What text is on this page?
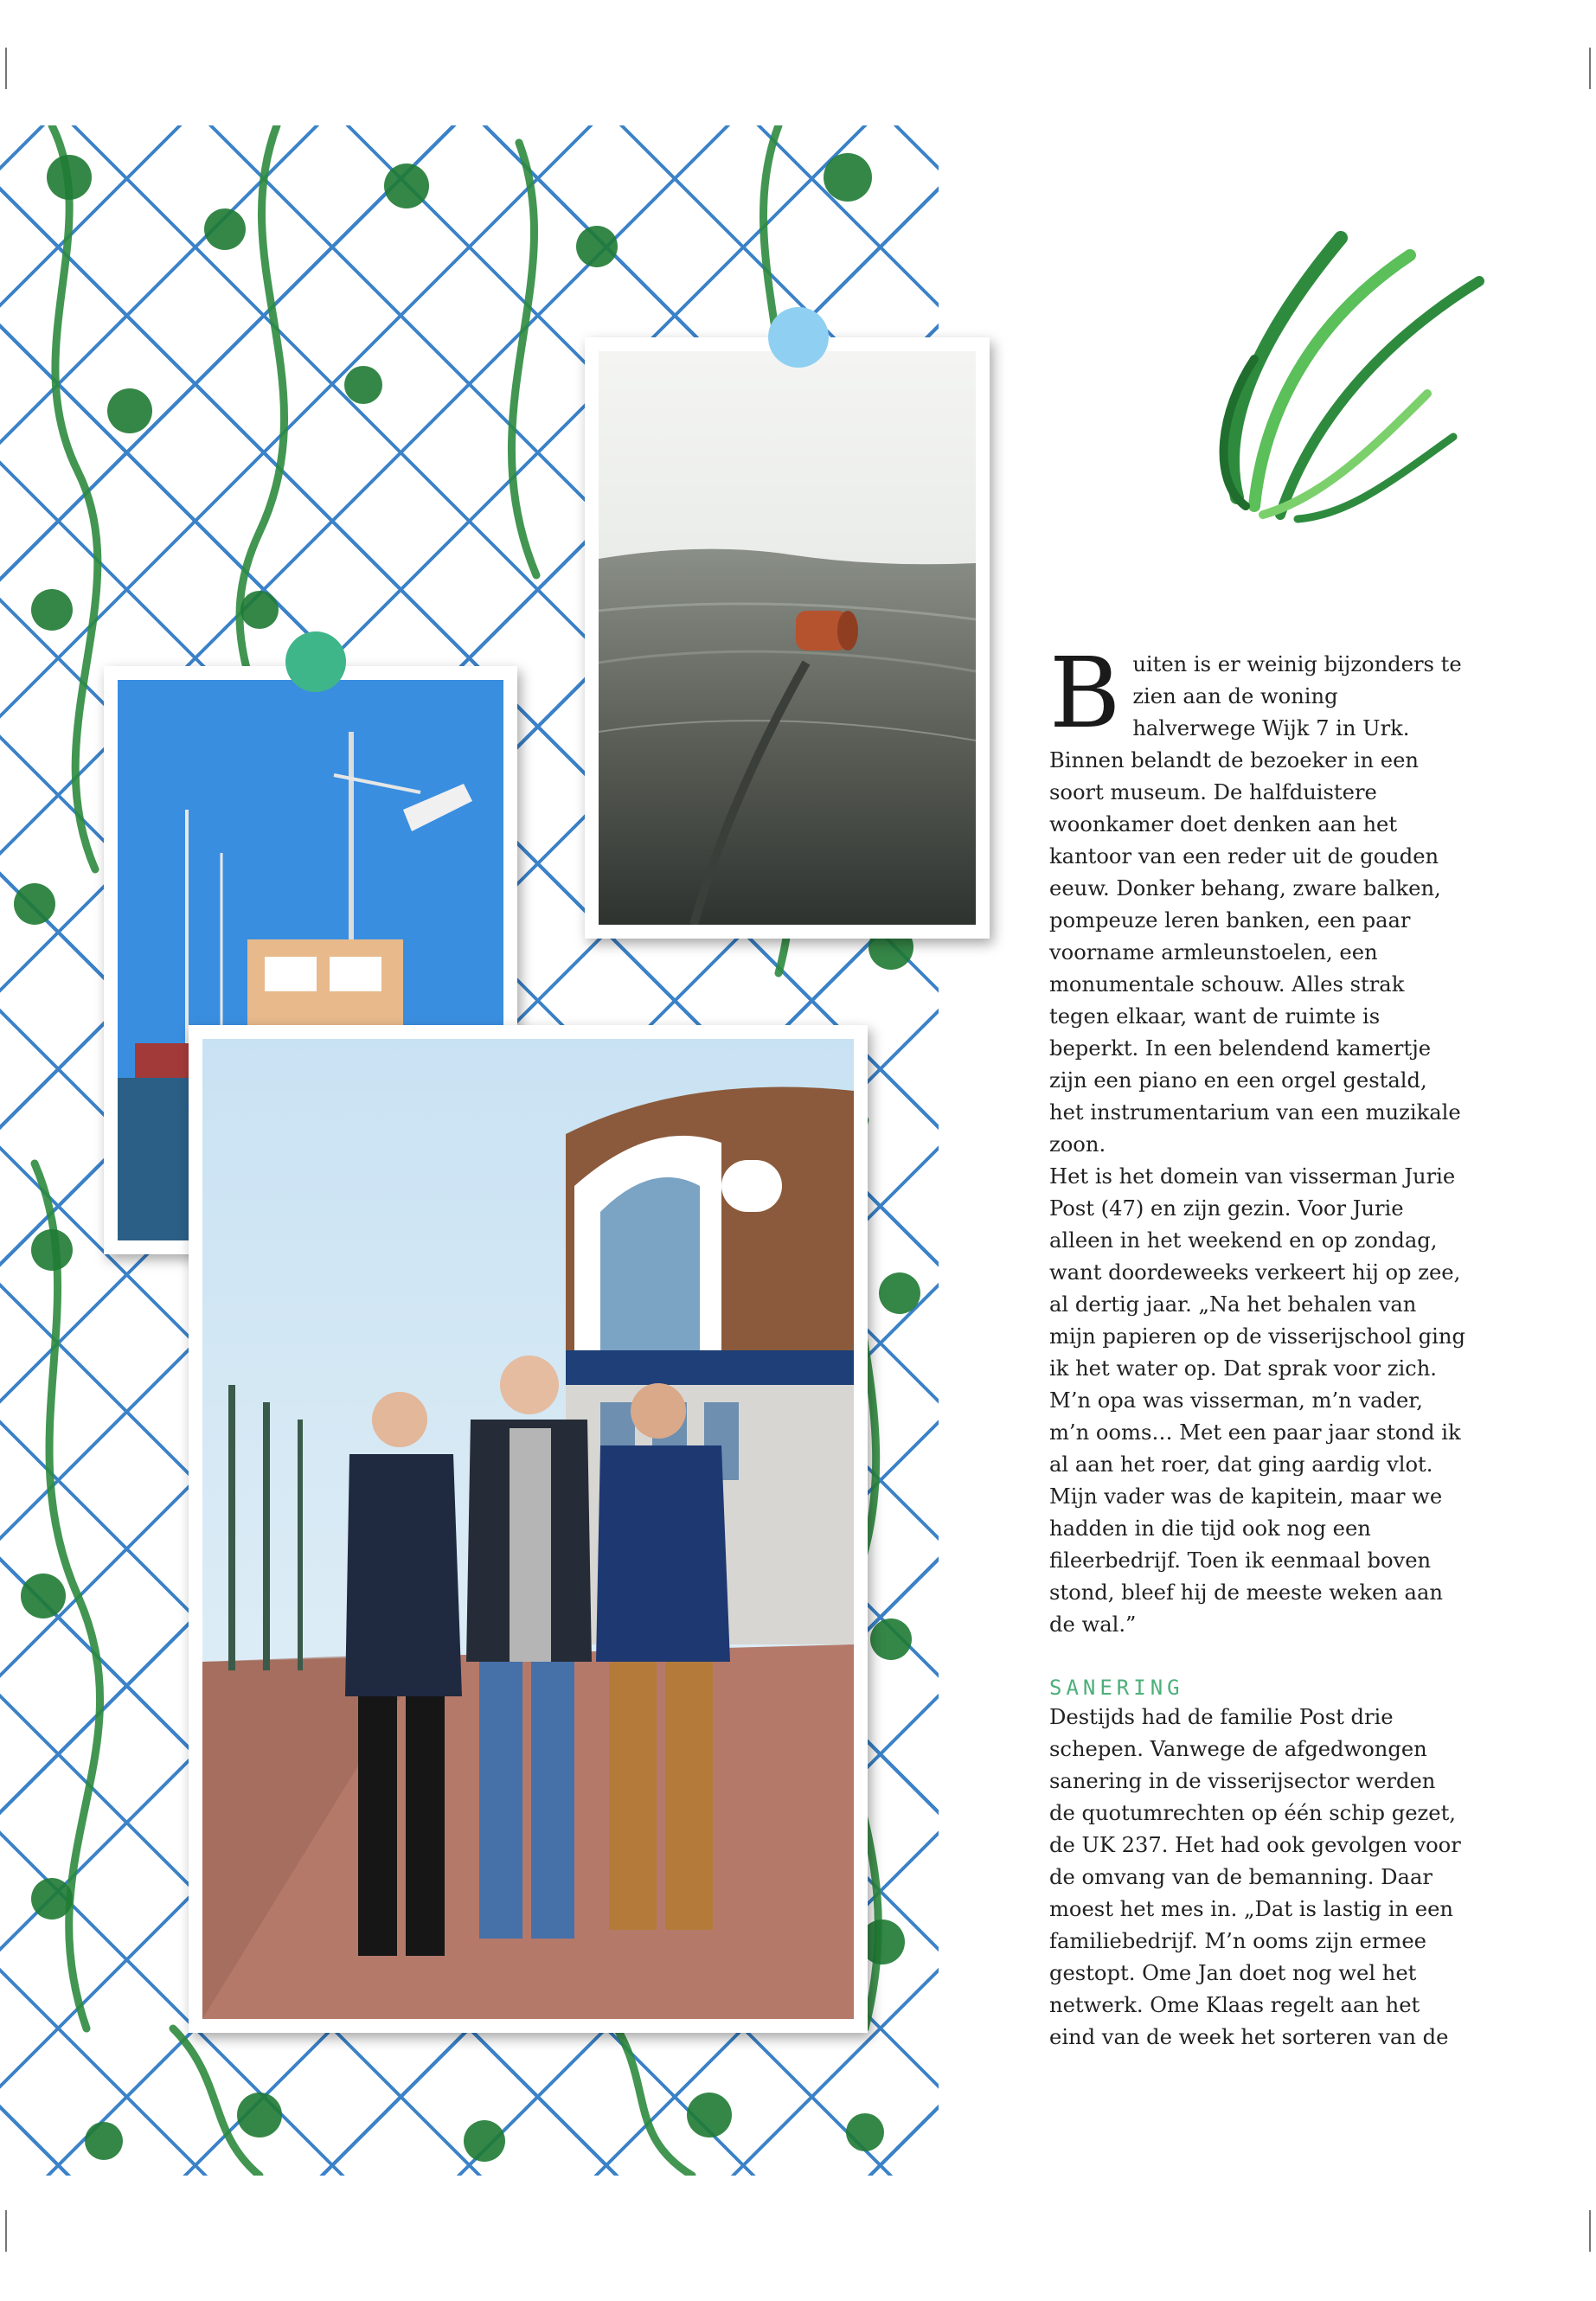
B uiten is er weinig bijzonders te zien aan de woning halverwege Wijk 7 in Urk. Binnen belandt de bezoeker in een soort museum. De halfduistere woonkamer doet denken aan het kantoor van een reder uit de gouden eeuw. Donker behang, zware balken, pompeuze leren banken, een paar voorname armleunstoelen, een monumentale schouw. Alles strak tegen elkaar, want de ruimte is beperkt. In een belendend kamertje zijn een piano en een orgel gestald, het instrumentarium van een muzikale zoon.

Het is het domein van visserman Jurie Post (47) en zijn gezin. Voor Jurie alleen in het weekend en op zondag, want doordeweeks verkeert hij op zee, al dertig jaar. „Na het behalen van mijn papieren op de visserijschool ging ik het water op. Dat sprak voor zich. M’n opa was visserman, m’n vader, m’n ooms… Met een paar jaar stond ik al aan het roer, dat ging aardig vlot. Mijn vader was de kapitein, maar we hadden in die tijd ook nog een fileerbedrijf. Toen ik eenmaal boven stond, bleef hij de meeste weken aan de wal.”

SANERING

Destijds had de familie Post drie schepen. Vanwege de afgedwongen sanering in de visserijsector werden de quotumrechten op één schip gezet, de UK 237. Het had ook gevolgen voor de omvang van de bemanning. Daar moest het mes in. „Dat is lastig in een familiebedrijf. M’n ooms zijn ermee gestopt. Ome Jan doet nog wel het netwerk. Ome Klaas regelt aan het eind van de week het sorteren van de
